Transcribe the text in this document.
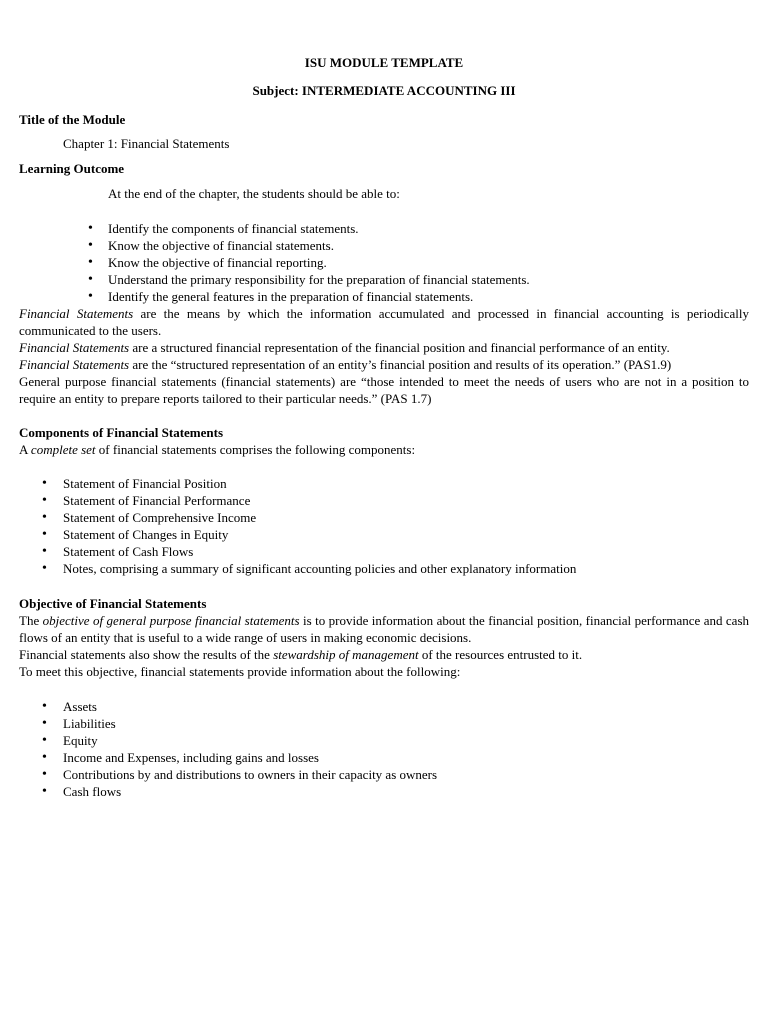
ISU MODULE TEMPLATE

Subject: INTERMEDIATE ACCOUNTING III

Title of the Module

Chapter 1: Financial Statements

Learning Outcome

At the end of the chapter, the students should be able to:

• Identify the components of financial statements.
• Know the objective of financial statements.
• Know the objective of financial reporting.
• Understand the primary responsibility for the preparation of financial statements.
• Identify the general features in the preparation of financial statements.

Financial Statements are the means by which the information accumulated and processed in financial accounting is periodically communicated to the users.

Financial Statements are a structured financial representation of the financial position and financial performance of an entity.

Financial Statements are the “structured representation of an entity’s financial position and results of its operation.” (PAS1.9)

General purpose financial statements (financial statements) are “those intended to meet the needs of users who are not in a position to require an entity to prepare reports tailored to their particular needs.” (PAS 1.7)

Components of Financial Statements

A complete set of financial statements comprises the following components:

• Statement of Financial Position
• Statement of Financial Performance
• Statement of Comprehensive Income
• Statement of Changes in Equity
• Statement of Cash Flows
• Notes, comprising a summary of significant accounting policies and other explanatory information

Objective of Financial Statements

The objective of general purpose financial statements is to provide information about the financial position, financial performance and cash flows of an entity that is useful to a wide range of users in making economic decisions.

Financial statements also show the results of the stewardship of management of the resources entrusted to it.

To meet this objective, financial statements provide information about the following:

• Assets
• Liabilities
• Equity
• Income and Expenses, including gains and losses
• Contributions by and distributions to owners in their capacity as owners
• Cash flows
